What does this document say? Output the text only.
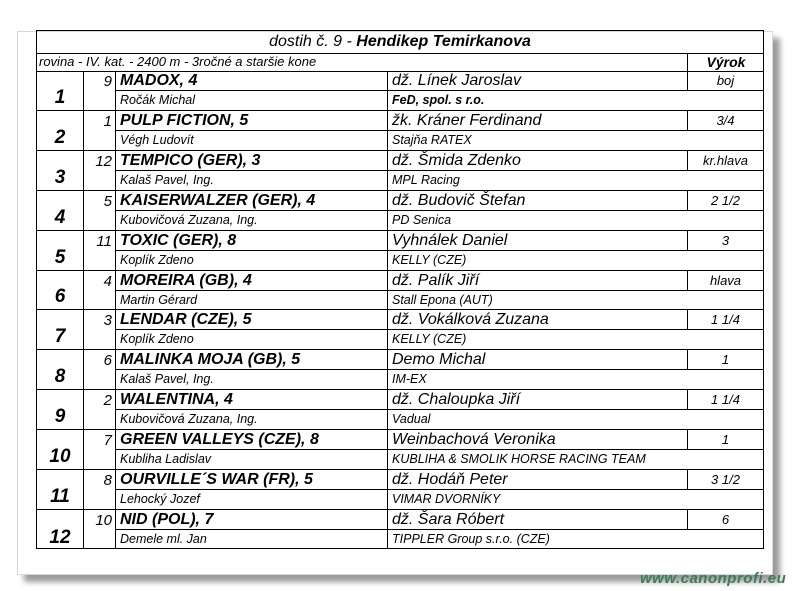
dostih č. 9 - Hendikep Temirkanova
rovina - IV. kat. - 2400 m - 3ročné a staršie kone	Výrok
1
9 MADOX, 4
Ročák Michal
dž. Línek Jaroslav
FeD, spol. s r.o.
boj
2
1 PULP FICTION, 5
Végh Ludovít
žk. Kráner Ferdinand
Stajňa RATEX
3/4
3
12 TEMPICO (GER), 3
Kalaš Pavel, Ing.
dž. Šmida Zdenko
MPL Racing
kr.hlava
4
5 KAISERWALZER (GER), 4
Kubovičová Zuzana, Ing.
dž. Budovič Štefan
PD Senica
2 1/2
5
11 TOXIC (GER), 8
Koplík Zdeno
Vyhnálek Daniel
KELLY (CZE)
3
6
4 MOREIRA (GB), 4
Martin Gérard
dž. Palík Jiří
Stall Epona (AUT)
hlava
7
3 LENDAR (CZE), 5
Koplík Zdeno
dž. Vokálková Zuzana
KELLY (CZE)
1 1/4
8
6 MALINKA MOJA (GB), 5
Kalaš Pavel, Ing.
Demo Michal
IM-EX
1
9
2 WALENTINA, 4
Kubovičová Zuzana, Ing.
dž. Chaloupka Jiří
Vadual
1 1/4
10
7 GREEN VALLEYS (CZE), 8
Kubliha Ladislav
Weinbachová Veronika
KUBLIHA & SMOLIK HORSE RACING TEAM
1
11
8 OURVILLE´S WAR (FR), 5
Lehocký Jozef
dž. Hodáň Peter
VIMAR DVORNÍKY
3 1/2
12
10 NID (POL), 7
Demele ml. Jan
dž. Šara Róbert
TIPPLER Group s.r.o. (CZE)
6
www.canonprofi.eu
